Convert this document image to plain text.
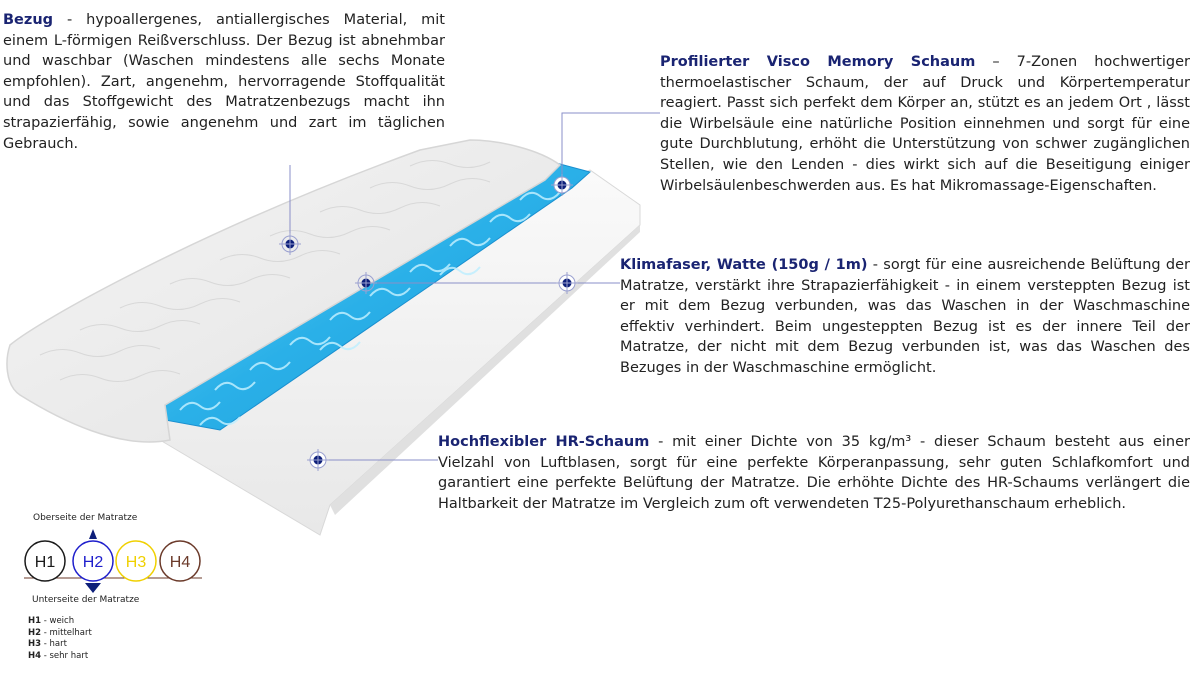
H1 H2 H3 H4
Bezug - hypoallergenes, antiallergisches Material, mit einem L-förmigen Reißverschluss. Der Bezug ist abnehmbar und waschbar (Waschen mindestens alle sechs Monate empfohlen). Zart, angenehm, hervorragende Stoffqualität und das Stoffgewicht des Matratzenbezugs macht ihn strapazierfähig, sowie angenehm und zart im täglichen Gebrauch.
Profilierter Visco Memory Schaum – 7-Zonen hochwertiger thermoelastischer Schaum, der auf Druck und Körpertemperatur reagiert. Passt sich perfekt dem Körper an, stützt es an jedem Ort , lässt die Wirbelsäule eine natürliche Position einnehmen und sorgt für eine gute Durchblutung, erhöht die Unterstützung von schwer zugänglichen Stellen, wie den Lenden - dies wirkt sich auf die Beseitigung einiger Wirbelsäulenbeschwerden aus. Es hat Mikromassage-Eigenschaften.
Klimafaser, Watte (150g / 1m) - sorgt für eine ausreichende Belüftung der Matratze, verstärkt ihre Strapazierfähigkeit - in einem versteppten Bezug ist er mit dem Bezug verbunden, was das Waschen in der Waschmaschine effektiv verhindert. Beim ungesteppten Bezug ist es der innere Teil der Matratze, der nicht mit dem Bezug verbunden ist, was das Waschen des Bezuges in der Waschmaschine ermöglicht.
Hochflexibler HR-Schaum - mit einer Dichte von 35 kg/m³ - dieser Schaum besteht aus einer Vielzahl von Luftblasen, sorgt für eine perfekte Körperanpassung, sehr guten Schlafkomfort und garantiert eine perfekte Belüftung der Matratze. Die erhöhte Dichte des HR-Schaums verlängert die Haltbarkeit der Matratze im Vergleich zum oft verwendeten T25-Polyurethanschaum erheblich.
Oberseite der Matratze
Unterseite der Matratze
H1 - weich
H2 - mittelhart
H3 - hart
H4 - sehr hart
